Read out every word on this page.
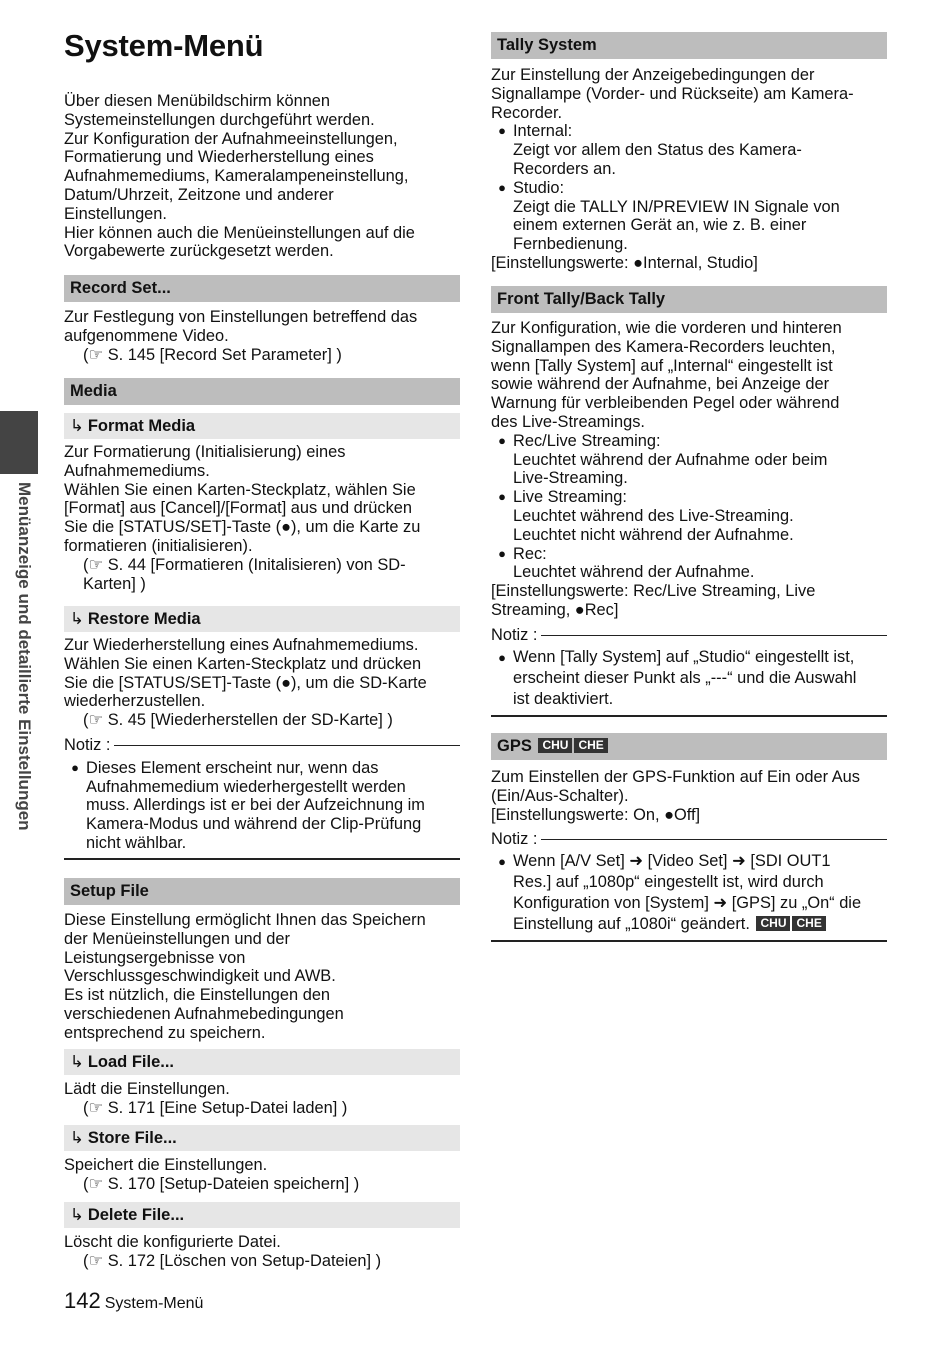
System-Menü

Über diesen Menübildschirm können

Systemeinstellungen durchgeführt werden.

Zur Konfiguration der Aufnahmeeinstellungen,

Formatierung und Wiederherstellung eines

Aufnahmemediums, Kameralampeneinstellung,

Datum/Uhrzeit, Zeitzone und anderer

Einstellungen.

Hier können auch die Menüeinstellungen auf die

Vorgabewerte zurückgesetzt werden.

Record Set...

Zur Festlegung von Einstellungen betreffend das

aufgenommene Video.

(☞ S. 145 [Record Set Parameter] )

Media
↳ Format Media

Zur Formatierung (Initialisierung) eines

Aufnahmemediums.

Wählen Sie einen Karten-Steckplatz, wählen Sie

[Format] aus [Cancel]/[Format] aus und drücken

Sie die [STATUS/SET]-Taste (●), um die Karte zu

formatieren (initialisieren).

(☞ S. 44 [Formatieren (Initalisieren) von SD-

Karten] )

↳ Restore Media

Zur Wiederherstellung eines Aufnahmemediums.

Wählen Sie einen Karten-Steckplatz und drücken

Sie die [STATUS/SET]-Taste (●), um die SD-Karte

wiederherzustellen.

(☞ S. 45 [Wiederherstellen der SD-Karte] )

Notiz :
● Dieses Element erscheint nur, wenn das
Aufnahmemedium wiederhergestellt werden
muss. Allerdings ist er bei der Aufzeichnung im
Kamera-Modus und während der Clip-Prüfung
nicht wählbar.
Setup File

Diese Einstellung ermöglicht Ihnen das Speichern

der Menüeinstellungen und der

Leistungsergebnisse von

Verschlussgeschwindigkeit und AWB.

Es ist nützlich, die Einstellungen den

verschiedenen Aufnahmebedingungen

entsprechend zu speichern.

↳ Load File...

Lädt die Einstellungen.

(☞ S. 171 [Eine Setup-Datei laden] )

↳ Store File...

Speichert die Einstellungen.

(☞ S. 170 [Setup-Dateien speichern] )

↳ Delete File...

Löscht die konfigurierte Datei.

(☞ S. 172 [Löschen von Setup-Dateien] )

Tally System

Zur Einstellung der Anzeigebedingungen der

Signallampe (Vorder- und Rückseite) am Kamera-

Recorder.

● Internal:
Zeigt vor allem den Status des Kamera-
Recorders an.
● Studio:
Zeigt die TALLY IN/PREVIEW IN Signale von
einem externen Gerät an, wie z. B. einer
Fernbedienung.

[Einstellungswerte: ●Internal, Studio]

Front Tally/Back Tally

Zur Konfiguration, wie die vorderen und hinteren

Signallampen des Kamera-Recorders leuchten,

wenn [Tally System] auf „Internal“ eingestellt ist

sowie während der Aufnahme, bei Anzeige der

Warnung für verbleibenden Pegel oder während

des Live-Streamings.

● Rec/Live Streaming:
Leuchtet während der Aufnahme oder beim
Live-Streaming.
● Live Streaming:
Leuchtet während des Live-Streaming.
Leuchtet nicht während der Aufnahme.
● Rec:
Leuchtet während der Aufnahme.

[Einstellungswerte: Rec/Live Streaming, Live

Streaming, ●Rec]

Notiz :
● Wenn [Tally System] auf „Studio“ eingestellt ist,
erscheint dieser Punkt als „---“ und die Auswahl
ist deaktiviert.
GPS CHU CHE

Zum Einstellen der GPS-Funktion auf Ein oder Aus

(Ein/Aus-Schalter).

[Einstellungswerte: On, ●Off]

Notiz :
● Wenn [A/V Set] ➜ [Video Set] ➜ [SDI OUT1
Res.] auf „1080p“ eingestellt ist, wird durch
Konfiguration von [System] ➜ [GPS] zu „On“ die
Einstellung auf „1080i“ geändert. CHU CHE
Menüanzeige und detaillierte Einstellungen
142 System-Menü
